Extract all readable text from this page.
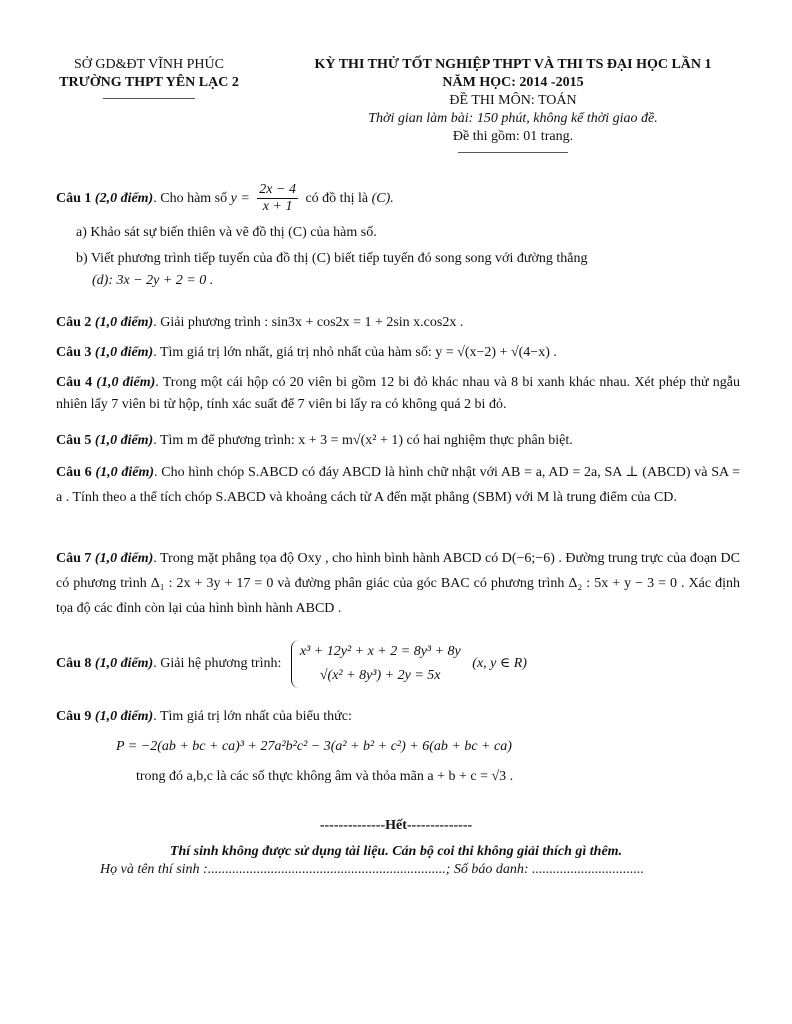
SỞ GD&ĐT VĨNH PHÚC
TRƯỜNG THPT YÊN LẠC 2
KỲ THI THỬ TỐT NGHIỆP THPT VÀ THI TS ĐẠI HỌC LẦN 1
NĂM HỌC: 2014 -2015
ĐỀ THI MÔN: TOÁN
Thời gian làm bài: 150 phút, không kể thời giao đề.
Đề thi gồm: 01 trang.
Câu 1 (2,0 điểm). Cho hàm số $y = \frac{2x - 4}{x + 1}$ có đồ thị là (C).
a) Khảo sát sự biến thiên và vẽ đồ thị (C) của hàm số.
b) Viết phương trình tiếp tuyến của đồ thị (C) biết tiếp tuyến đó song song với đường thẳng
(d): 3x − 2y + 2 = 0 .
Câu 2 (1,0 điểm). Giải phương trình : sin3x + cos2x = 1 + 2sin x.cos2x .
Câu 3 (1,0 điểm). Tìm giá trị lớn nhất, giá trị nhỏ nhất của hàm số: y = √(x−2) + √(4−x) .
Câu 4 (1,0 điểm). Trong một cái hộp có 20 viên bi gồm 12 bi đỏ khác nhau và 8 bi xanh khác nhau. Xét phép thử ngẫu nhiên lấy 7 viên bi từ hộp, tính xác suất để 7 viên bi lấy ra có không quá 2 bi đỏ.
Câu 5 (1,0 điểm). Tìm m để phương trình: x + 3 = m√(x² + 1) có hai nghiệm thực phân biệt.
Câu 6 (1,0 điểm). Cho hình chóp S.ABCD có đáy ABCD là hình chữ nhật với AB = a, AD = 2a, SA ⊥ (ABCD) và SA = a . Tính theo a thể tích chóp S.ABCD và khoảng cách từ A đến mặt phẳng (SBM) với M là trung điểm của CD.
Câu 7 (1,0 điểm). Trong mặt phẳng tọa độ Oxy , cho hình bình hành ABCD có D(−6;−6) . Đường trung trực của đoạn DC có phương trình Δ₁ : 2x + 3y + 17 = 0 và đường phân giác của góc BAC có phương trình Δ₂ : 5x + y − 3 = 0 . Xác định tọa độ các đỉnh còn lại của hình bình hành ABCD .
Câu 8 (1,0 điểm). Giải hệ phương trình:
x³ + 12y² + x + 2 = 8y³ + 8y
√(x² + 8y³) + 2y = 5x
(x, y ∈ R)
Câu 9 (1,0 điểm). Tìm giá trị lớn nhất của biểu thức:
P = −2(ab + bc + ca)³ + 27a²b²c² − 3(a² + b² + c²) + 6(ab + bc + ca)
trong đó a,b,c là các số thực không âm và thỏa mãn a + b + c = √3 .
--------------Hết--------------
Thí sinh không được sử dụng tài liệu. Cán bộ coi thi không giải thích gì thêm.
Họ và tên thí sinh :....................................................................; Số báo danh: ................................
